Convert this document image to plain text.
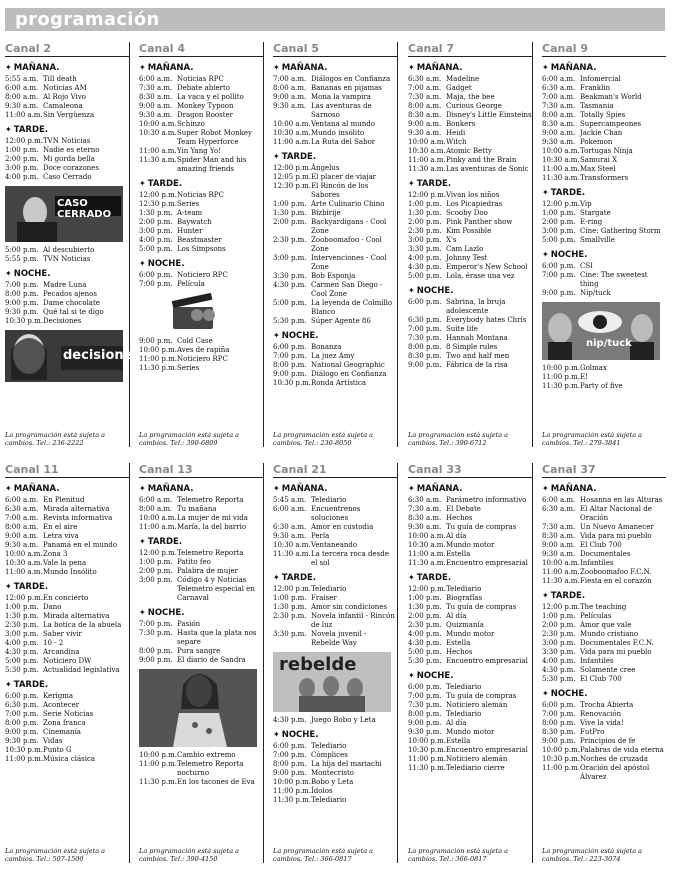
programación
Canal 2
✦ MAÑANA.
5:55 a.m. Till death
6:00 a.m. Noticias AM
8:00 a.m. Al Rojo Vivo
9:30 a.m. Camaleona
11:00 a.m. Sin Vergüenza
✦ TARDE.
12:00 p.m. TVN Noticias
1:00 p.m. Nadie es eterno
2:00 p.m. Mi gorda bella
3:00 p.m. Doce corazones
4:00 p.m. Caso Cerrado
CASO CERRADO
5:00 p.m. Al descubierto
5:55 p.m. TVN Noticias
✦ NOCHE.
7:00 p.m. Madre Luna
8:00 p.m. Pecados ajenos
9:00 p.m. Dame chocolate
9:30 p.m. Qué tal si te digo
10:30 p.m. Decisiones
decisiones
La programación está sujeta a cambios. Tel.: 236-2222
Canal 4
✦ MAÑANA.
6:00 a.m. Noticias RPC
7:30 a.m. Debate abierto
8:30 a.m. La vaca y el pollito
9:00 a.m. Monkey Typoon
9:30 a.m. Dragon Booster
10:00 a.m. Schinzo
10:30 a.m. Super Robot Monkey Team Hyperforce
11:00 a.m. Yin Yang Yo!
11:30 a.m. Spider Man and his amazing friends
✦ TARDE.
12:00 p.m. Noticias RPC
12:30 p.m. Series
1:30 p.m. A-team
2:00 p.m. Baywatch
3:00 p.m. Hunter
4:00 p.m. Beastmaster
5:00 p.m. Los Simpsons
✦ NOCHE.
6:00 p.m. Noticiero RPC
7:00 p.m. Película
9:00 p.m. Cold Case
10:00 p.m. Aves de rapiña
11:00 p.m. Noticiero RPC
11:30 p.m. Series
La programación está sujeta a cambios. Tel.: 390-6809
Canal 5
✦ MAÑANA.
7:00 a.m. Diálogos en Confianza
8:00 a.m. Bananas en pijamas
9:00 a.m. Mona la vampira
9:30 a.m. Las aventuras de Sarnoso
10:00 a.m. Ventana al mundo
10:30 a.m. Mundo insólito
11:00 a.m. La Ruta del Sabor
✦ TARDE.
12:00 p.m. Ángelus
12:05 p.m. El placer de viajar
12:30 p.m. El Rincón de los Sabores
1:00 p.m. Arte Culinario Chino
1:30 p.m. Bizbirije
2:00 p.m. Backyardigans - Cool Zone
2:30 p.m. Zooboomafoo - Cool Zone
3:00 p.m. Intervenciones - Cool Zone
3:30 p.m. Bob Esponja
4:30 p.m. Carmen San Diego - Cool Zone
5:00 p.m. La leyenda de Colmillo Blanco
5:30 p.m. Súper Agente 86
✦ NOCHE.
6:00 p.m. Bonanza
7:00 p.m. La juez Amy
8:00 p.m. National Geographic
9:00 p.m. Diálogo en Confianza
10:30 p.m. Ronda Artística
La programación está sujeta a cambios. Tel.: 230-8050
Canal 7
✦ MAÑANA.
6:30 a.m. Madeline
7:00 a.m. Gadget
7:30 a.m. Maja, the bee
8:00 a.m. Curious George
8:30 a.m. Disney's Little Einsteins
9:00 a.m. Bonkers
9:30 a.m. Heidi
10:00 a.m. Witch
10:30 a.m. Atomic Betty
11:00 a.m. Pinky and the Brain
11:30 a.m. Las aventuras de Sonic
✦ TARDE.
12:00 p.m. Vivan los niños
1:00 p.m. Los Picapiedras
1:30 p.m. Scooby Doo
2:00 p.m. Pink Panther show
2:30 p.m. Kim Possible
3:00 p.m. X's
3:30 p.m. Cam Lazlo
4:00 p.m. Johnny Test
4:30 p.m. Emperor's New School
5:00 p.m. Lola, érase una vez
✦ NOCHE.
6:00 p.m. Sabrina, la bruja adolescente
6:30 p.m. Everybody hates Chris
7:00 p.m. Suite life
7:30 p.m. Hannah Montana
8:00 p.m. 8 Simple rules
8:30 p.m. Two and half men
9:00 p.m. Fábrica de la risa
La programación está sujeta a cambios. Tel.: 390-6712
Canal 9
✦ MAÑANA.
6:00 a.m. Infomercial
6:30 a.m. Franklin
7:00 a.m. Beakman's World
7:30 a.m. Tasmania
8:00 a.m. Totally Spies
8:30 a.m. Supercampeones
9:00 a.m. Jackie Chan
9:30 a.m. Pokemon
10:00 a.m. Tortugas Ninja
10:30 a.m. Samurai X
11:00 a.m. Max Steel
11:30 a.m. Transformers
✦ TARDE.
12:00 p.m. Vip
1:00 p.m. Stargate
2:00 p.m. E-ring
3:00 p.m. Cine: Gathering Storm
5:00 p.m. Smallville
✦ NOCHE.
6:00 p.m. CSI
7:00 p.m. Cine: The sweetest thing
9:00 p.m. Nip/tuck
nip/tuck
10:00 p.m. Golmax
11:00 p.m. E!
11:30 p.m. Party of five
La programación está sujeta a cambios. Tel.: 279-3841
Canal 11
✦ MAÑANA.
6:00 a.m. En Plenitud
6:30 a.m. Mirada alternativa
7:00 a.m. Revista informativa
8:00 a.m. En el aire
9:00 a.m. Letra viva
9:30 a.m. Panamá en el mundo
10:00 a.m. Zona 3
10:30 a.m. Vale la pena
11:00 a.m. Mundo Insólito
✦ TARDE.
12:00 p.m. En concierto
1:00 p.m. Dano
1:30 p.m. Mirada alternativa
2:30 p.m. La botica de la abuela
3:00 p.m. Saber vivir
4:00 p.m. 10 - 2
4:30 p.m. Arcandina
5:00 p.m. Noticiero DW
5:30 p.m. Actualidad legislativa
✦ TARDE.
6:00 p.m. Kerigma
6:30 p.m. Acontecer
7:00 p.m. Serie Noticias
8:00 p.m. Zona franca
9:00 p.m. Cinemanía
9:30 p.m. Vidas
10:30 p.m. Punto G
11:00 p.m. Música clásica
La programación está sujeta a cambios. Tel.: 507-1500
Canal 13
✦ MAÑANA.
6:00 a.m. Telemetro Reporta
8:00 a.m. Tu mañana
10:00 a.m. La mujer de mi vida
11:00 a.m. María, la del barrio
✦ TARDE.
12:00 p.m. Telemetro Reporta
1:00 p.m. Patito feo
2:00 p.m. Palabra de mujer
3:00 p.m. Código 4 y Noticias Telemetro especial en Carnaval
✦ NOCHE.
7:00 p.m. Pasión
7:30 p.m. Hasta que la plata nos separe
8:00 p.m. Pura sangre
9:00 p.m. El diario de Sandra
10:00 p.m. Cambio extremo
11:00 p.m. Telemetro Reporta nocturno
11:30 p.m. En los tacones de Eva
La programación está sujeta a cambios. Tel.: 390-4150
Canal 21
✦ MAÑANA.
5:45 a.m. Telediario
6:00 a.m. Encuentrenos soluciones
6:30 a.m. Amor en custodia
9:30 a.m. Perla
10:30 a.m. Ventaneando
11:30 a.m. La tercera roca desde el sol
✦ TARDE.
12:00 p.m. Telediario
1:00 p.m. Fraiser
1:30 p.m. Amor sin condiciones
2:30 p.m. Novela infantil - Rincón de luz
3:30 p.m. Novela juvenil - Rebelde Way
rebelde
4:30 p.m. Juego Bobo y Leta
✦ NOCHE.
6:00 p.m. Telediario
7:00 p.m. Cómplices
8:00 p.m. La hija del mariachi
9:00 p.m. Montecristo
10:00 p.m. Bobo y Leta
11:00 p.m. Ídolos
11:30 p.m. Telediario
La programación está sujeta a cambios. Tel.: 366-0817
Canal 33
✦ MAÑANA.
6:30 a.m. Parámetro informativo
7:30 a.m. El Debate
8:30 a.m. Hechos
9:30 a.m. Tu guía de compras
10:00 a.m. Al día
10:30 a.m. Mundo motor
11:00 a.m. Estella
11:30 a.m. Encuentro empresarial
✦ TARDE.
12:00 p.m. Telediario
1:00 p.m. Biografías
1:30 p.m. Tu guía de compras
2:00 p.m. Al día
2:30 p.m. Quizmanía
4:00 p.m. Mundo motor
4:30 p.m. Estella
5:00 p.m. Hechos
5:30 p.m. Encuentro empresarial
✦ NOCHE.
6:00 p.m. Telediario
7:00 p.m. Tu guía de compras
7:30 p.m. Noticiero alemán
8:00 p.m. Telediario
9:00 p.m. Al día
9:30 p.m. Mundo motor
10:00 p.m. Estella
10:30 p.m. Encuentro empresarial
11:00 p.m. Noticiero alemán
11:30 p.m. Telediario cierre
La programación está sujeta a cambios. Tel.: 366-0817
Canal 37
✦ MAÑANA.
6:00 a.m. Hosanna en las Alturas
6:30 a.m. El Altar Nacional de Oración
7:30 a.m. Un Nuevo Amanecer
8:30 a.m. Vida para mi pueblo
9:00 a.m. El Club 700
9:30 a.m. Documentales
10:00 a.m. Infantiles
11:00 a.m. Zooboomafoo F.C.N.
11:30 a.m. Fiesta en el corazón
✦ TARDE.
12:00 p.m. The teaching
1:00 p.m. Películas
2:00 p.m. Amor que vale
2:30 p.m. Mundo cristiano
3:00 p.m. Documentales F.C.N.
3:30 p.m. Vida para mi pueblo
4:00 p.m. Infantiles
4:30 p.m. Solamente cree
5:30 p.m. El Club 700
✦ NOCHE.
6:00 p.m. Trocha Abierta
7:00 p.m. Renovación
8:00 p.m. Vive la vida!
8:30 p.m. FutPro
9:00 p.m. Principios de fe
10:00 p.m. Palabras de vida eterna
10:30 p.m. Noches de cruzada
11:00 p.m. Oración del apóstol Álvarez
La programación está sujeta a cambios. Tel.: 223-3074
